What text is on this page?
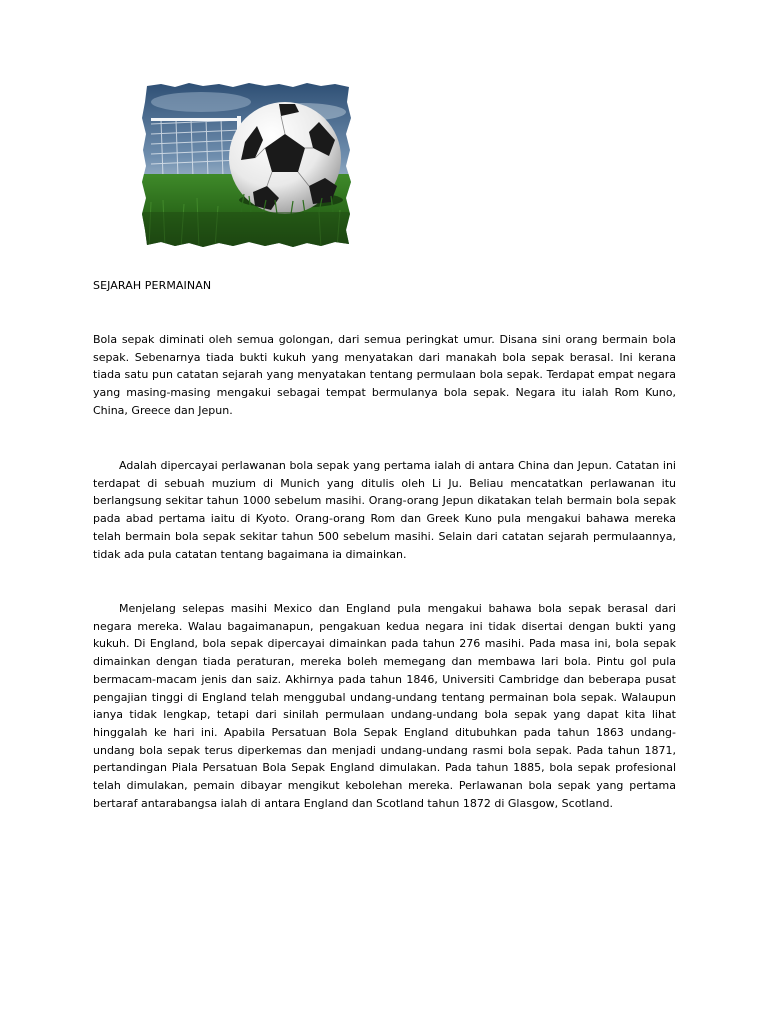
SEJARAH PERMAINAN

Bola sepak diminati oleh semua golongan, dari semua peringkat umur. Disana sini orang bermain bola sepak. Sebenarnya tiada bukti kukuh yang menyatakan dari manakah bola sepak berasal. Ini kerana tiada satu pun catatan sejarah yang menyatakan tentang permulaan bola sepak. Terdapat empat negara yang masing-masing mengakui sebagai tempat bermulanya bola sepak. Negara itu ialah Rom Kuno, China, Greece dan Jepun.

Adalah dipercayai perlawanan bola sepak yang pertama ialah di antara China dan Jepun. Catatan ini terdapat di sebuah muzium di Munich yang ditulis oleh Li Ju. Beliau mencatatkan perlawanan itu berlangsung sekitar tahun 1000 sebelum masihi. Orang-orang Jepun dikatakan telah bermain bola sepak pada abad pertama iaitu di Kyoto. Orang-orang Rom dan Greek Kuno pula mengakui bahawa mereka telah bermain bola sepak sekitar tahun 500 sebelum masihi. Selain dari catatan sejarah permulaannya, tidak ada pula catatan tentang bagaimana ia dimainkan.

Menjelang selepas masihi Mexico dan England pula mengakui bahawa bola sepak berasal dari negara mereka. Walau bagaimanapun, pengakuan kedua negara ini tidak disertai dengan bukti yang kukuh. Di England, bola sepak dipercayai dimainkan pada tahun 276 masihi. Pada masa ini, bola sepak dimainkan dengan tiada peraturan, mereka boleh memegang dan membawa lari bola. Pintu gol pula bermacam-macam jenis dan saiz. Akhirnya pada tahun 1846, Universiti Cambridge dan beberapa pusat pengajian tinggi di England telah menggubal undang-undang tentang permainan bola sepak. Walaupun ianya tidak lengkap, tetapi dari sinilah permulaan undang-undang bola sepak yang dapat kita lihat hinggalah ke hari ini. Apabila Persatuan Bola Sepak England ditubuhkan pada tahun 1863 undang-undang bola sepak terus diperkemas dan menjadi undang-undang rasmi bola sepak. Pada tahun 1871, pertandingan Piala Persatuan Bola Sepak England dimulakan. Pada tahun 1885, bola sepak profesional telah dimulakan, pemain dibayar mengikut kebolehan mereka. Perlawanan bola sepak yang pertama bertaraf antarabangsa ialah di antara England dan Scotland tahun 1872 di Glasgow, Scotland.
